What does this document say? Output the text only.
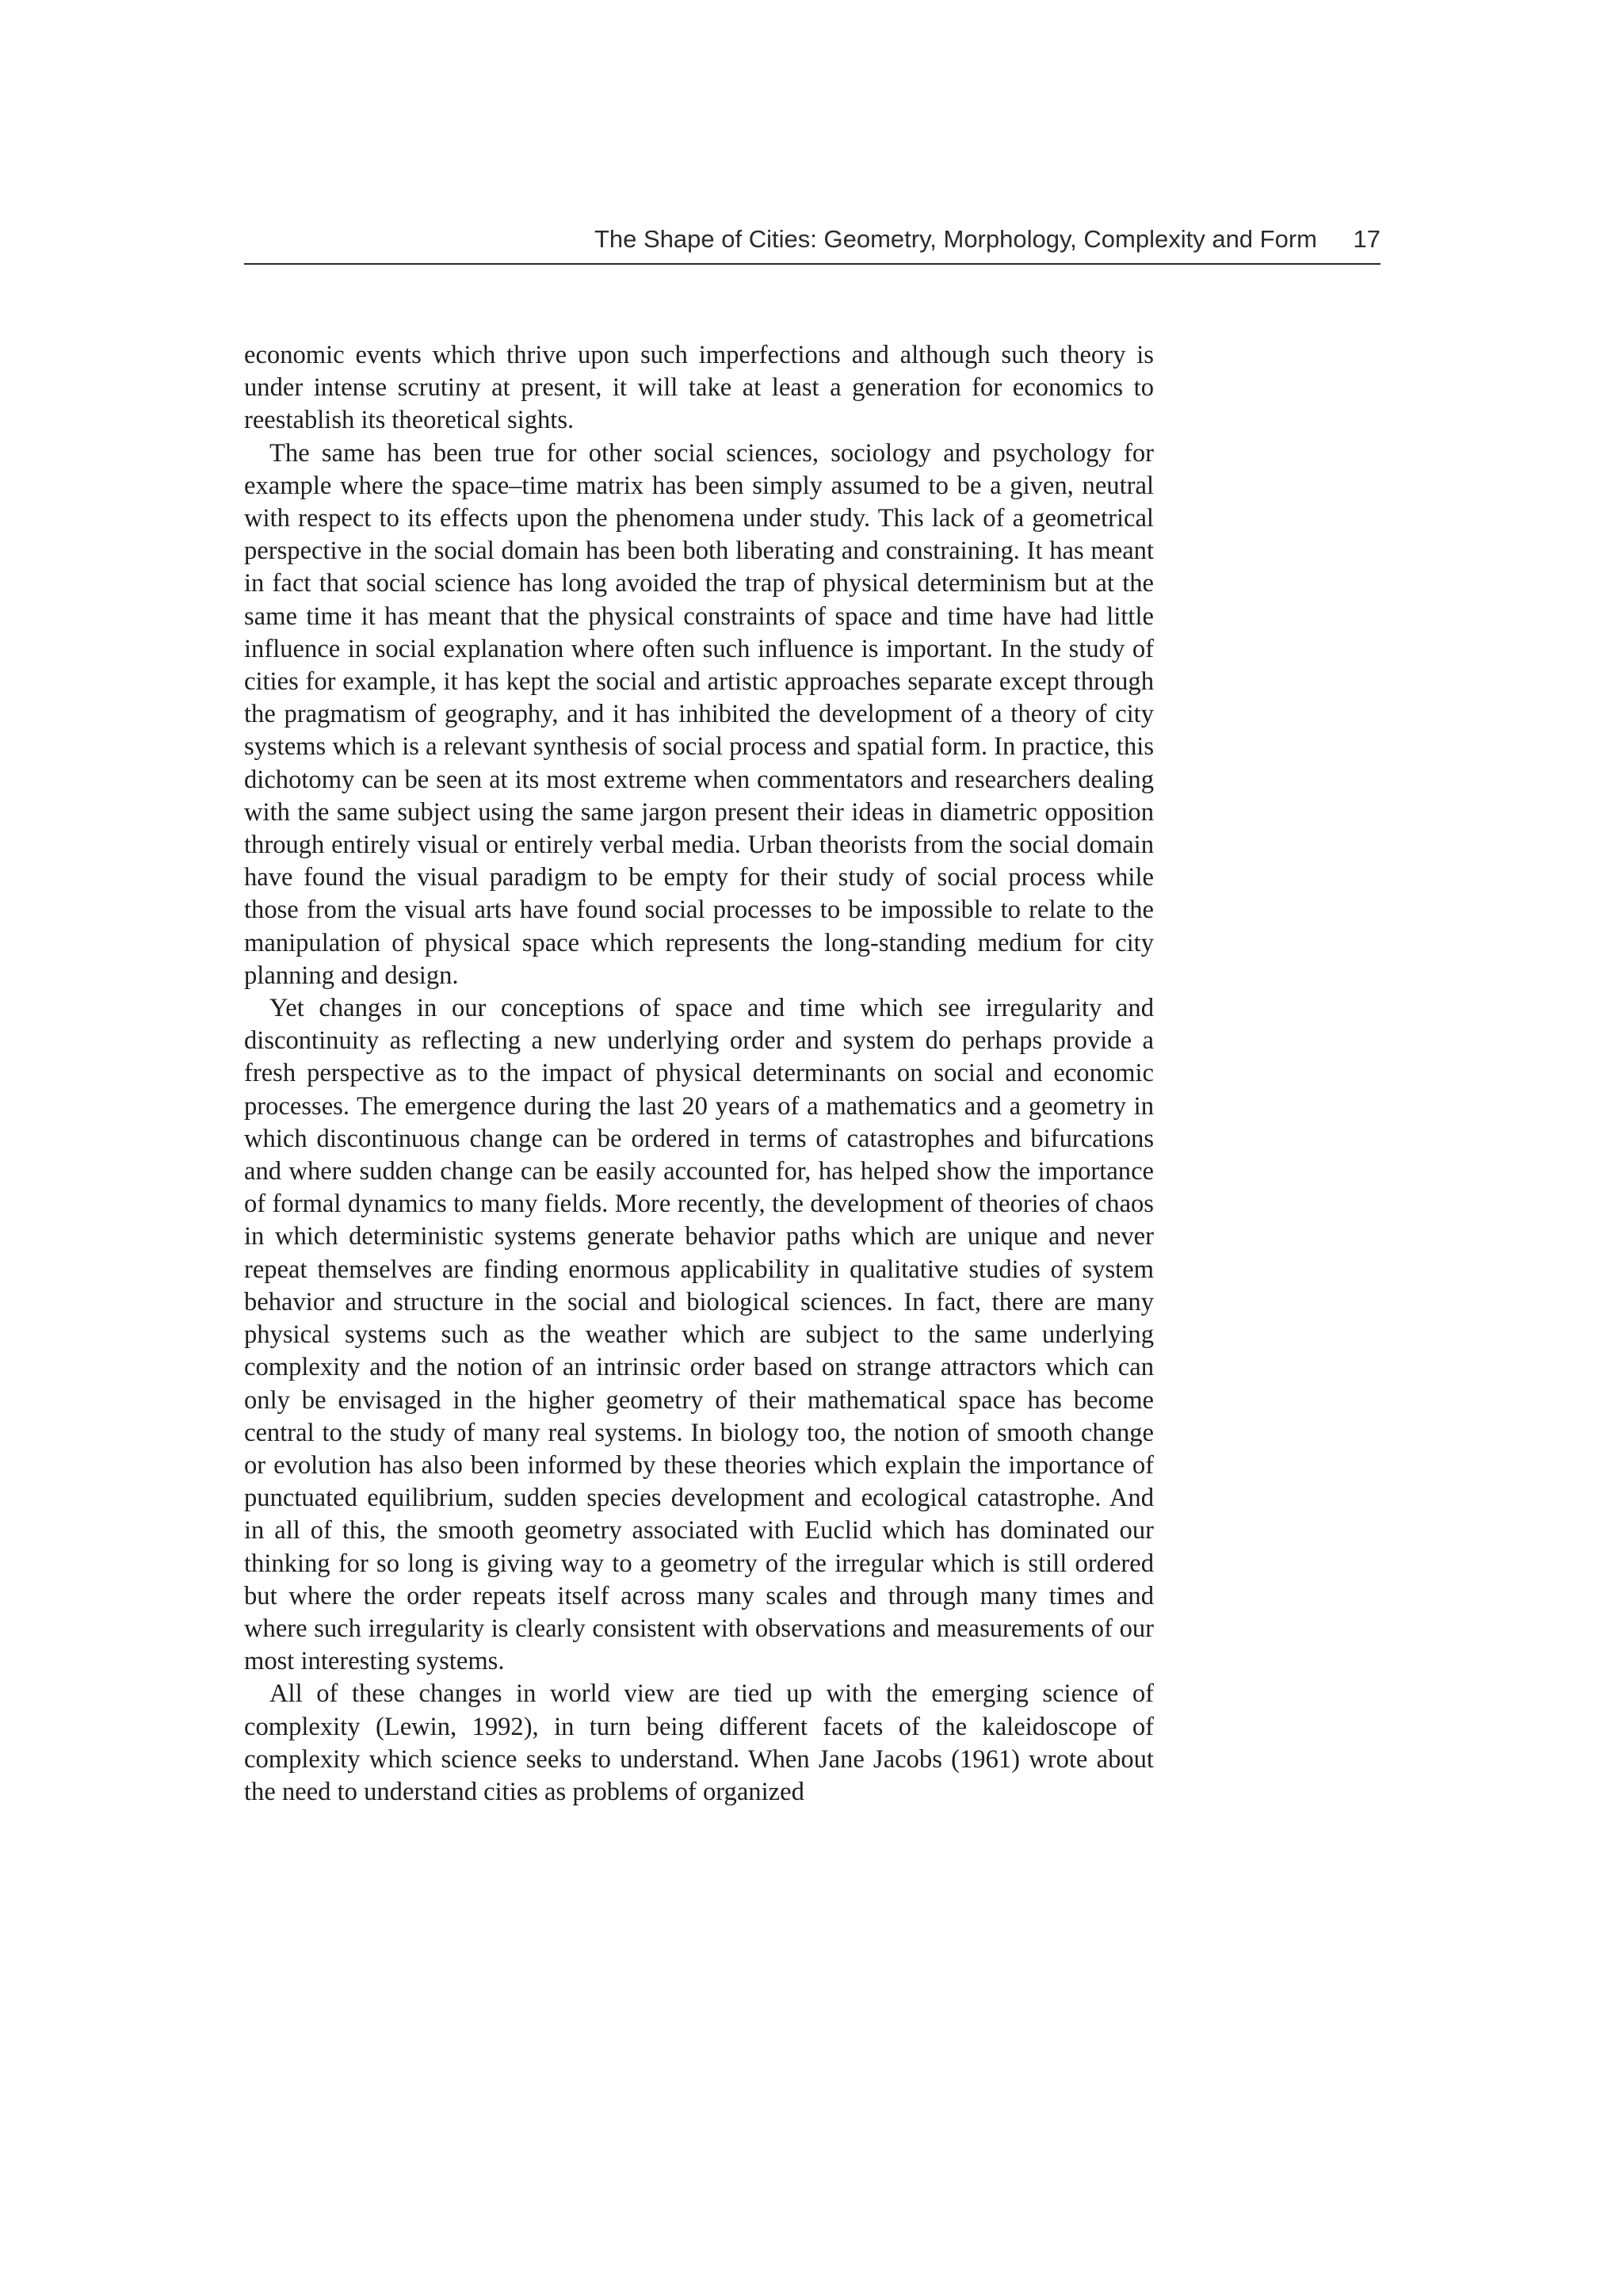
The Shape of Cities: Geometry, Morphology, Complexity and Form 17

economic events which thrive upon such imperfections and although such theory is under intense scrutiny at present, it will take at least a generation for economics to reestablish its theoretical sights.

The same has been true for other social sciences, sociology and psychology for example where the space–time matrix has been simply assumed to be a given, neutral with respect to its effects upon the phenomena under study. This lack of a geometrical perspective in the social domain has been both liberating and constraining. It has meant in fact that social science has long avoided the trap of physical determinism but at the same time it has meant that the physical constraints of space and time have had little influence in social explanation where often such influence is important. In the study of cities for example, it has kept the social and artistic approaches separate except through the pragmatism of geography, and it has inhibited the development of a theory of city systems which is a relevant synthesis of social process and spatial form. In practice, this dichotomy can be seen at its most extreme when commentators and researchers dealing with the same subject using the same jargon present their ideas in diametric opposition through entirely visual or entirely verbal media. Urban theorists from the social domain have found the visual paradigm to be empty for their study of social process while those from the visual arts have found social processes to be impossible to relate to the manipulation of physical space which represents the long-standing medium for city planning and design.

Yet changes in our conceptions of space and time which see irregularity and discontinuity as reflecting a new underlying order and system do perhaps provide a fresh perspective as to the impact of physical determinants on social and economic processes. The emergence during the last 20 years of a mathematics and a geometry in which discontinuous change can be ordered in terms of catastrophes and bifurcations and where sudden change can be easily accounted for, has helped show the importance of formal dynamics to many fields. More recently, the development of theories of chaos in which deterministic systems generate behavior paths which are unique and never repeat themselves are finding enormous applicability in qualitative studies of system behavior and structure in the social and biological sciences. In fact, there are many physical systems such as the weather which are subject to the same underlying complexity and the notion of an intrinsic order based on strange attractors which can only be envisaged in the higher geometry of their mathematical space has become central to the study of many real systems. In biology too, the notion of smooth change or evolution has also been informed by these theories which explain the importance of punctuated equilibrium, sudden species development and ecological catastrophe. And in all of this, the smooth geometry associated with Euclid which has dominated our thinking for so long is giving way to a geometry of the irregular which is still ordered but where the order repeats itself across many scales and through many times and where such irregularity is clearly consistent with observations and measurements of our most interesting systems.

All of these changes in world view are tied up with the emerging science of complexity (Lewin, 1992), in turn being different facets of the kaleidoscope of complexity which science seeks to understand. When Jane Jacobs (1961) wrote about the need to understand cities as problems of organized
